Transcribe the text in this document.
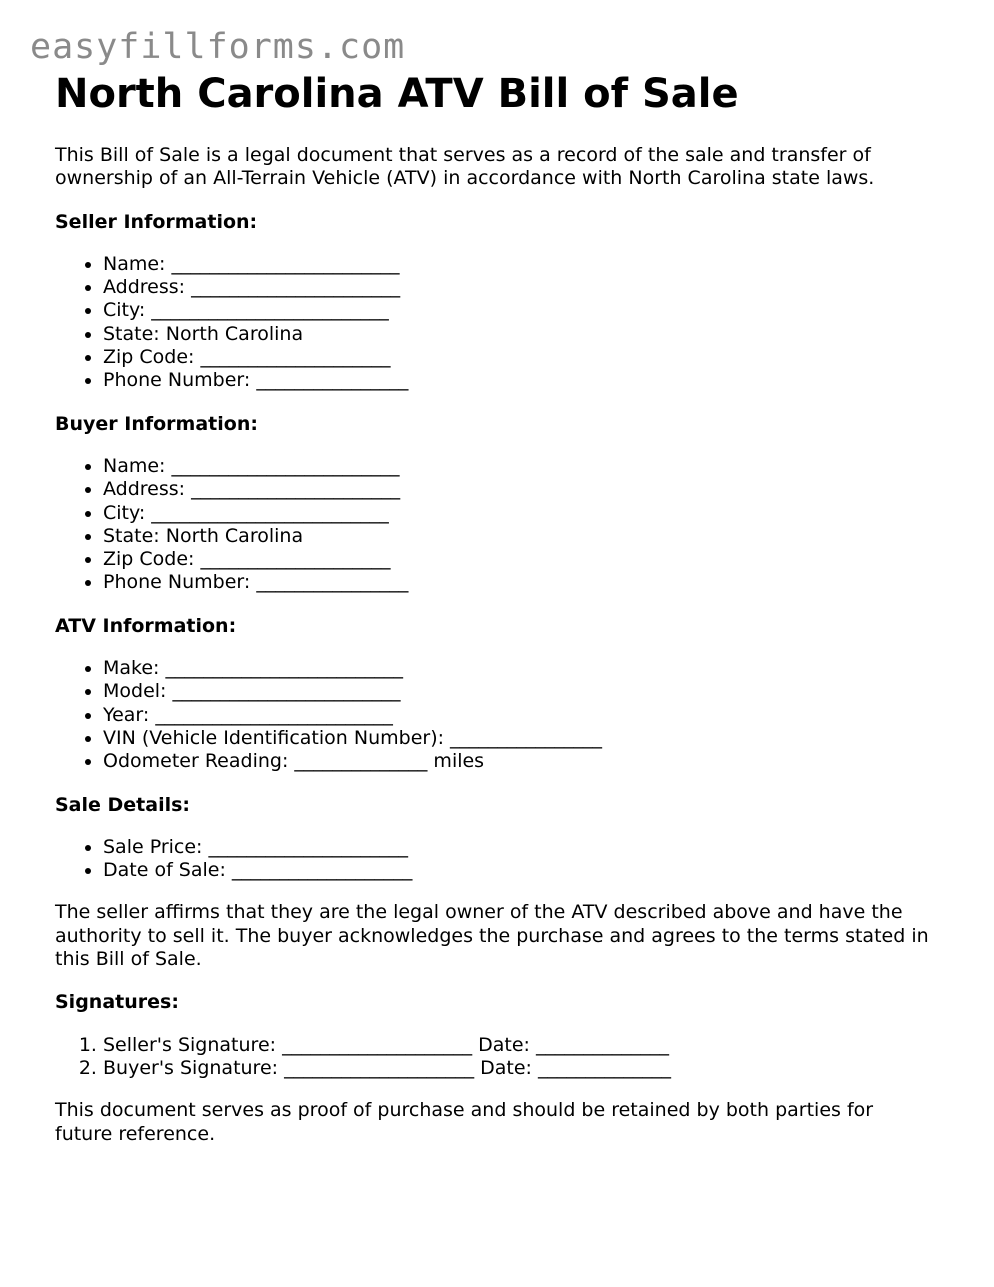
easyfillforms.com
North Carolina ATV Bill of Sale

This Bill of Sale is a legal document that serves as a record of the sale and transfer of ownership of an All-Terrain Vehicle (ATV) in accordance with North Carolina state laws.

Seller Information:
• Name: ________________________
• Address: ______________________
• City: _________________________
• State: North Carolina
• Zip Code: ____________________
• Phone Number: ________________
Buyer Information:
• Name: ________________________
• Address: ______________________
• City: _________________________
• State: North Carolina
• Zip Code: ____________________
• Phone Number: ________________
ATV Information:
• Make: _________________________
• Model: ________________________
• Year: _________________________
• VIN (Vehicle Identification Number): ________________
• Odometer Reading: ______________ miles
Sale Details:
• Sale Price: _____________________
• Date of Sale: ___________________

The seller affirms that they are the legal owner of the ATV described above and have the authority to sell it. The buyer acknowledges the purchase and agrees to the terms stated in this Bill of Sale.

Signatures:
1. Seller's Signature: ____________________ Date: ______________
2. Buyer's Signature: ____________________ Date: ______________

This document serves as proof of purchase and should be retained by both parties for future reference.
